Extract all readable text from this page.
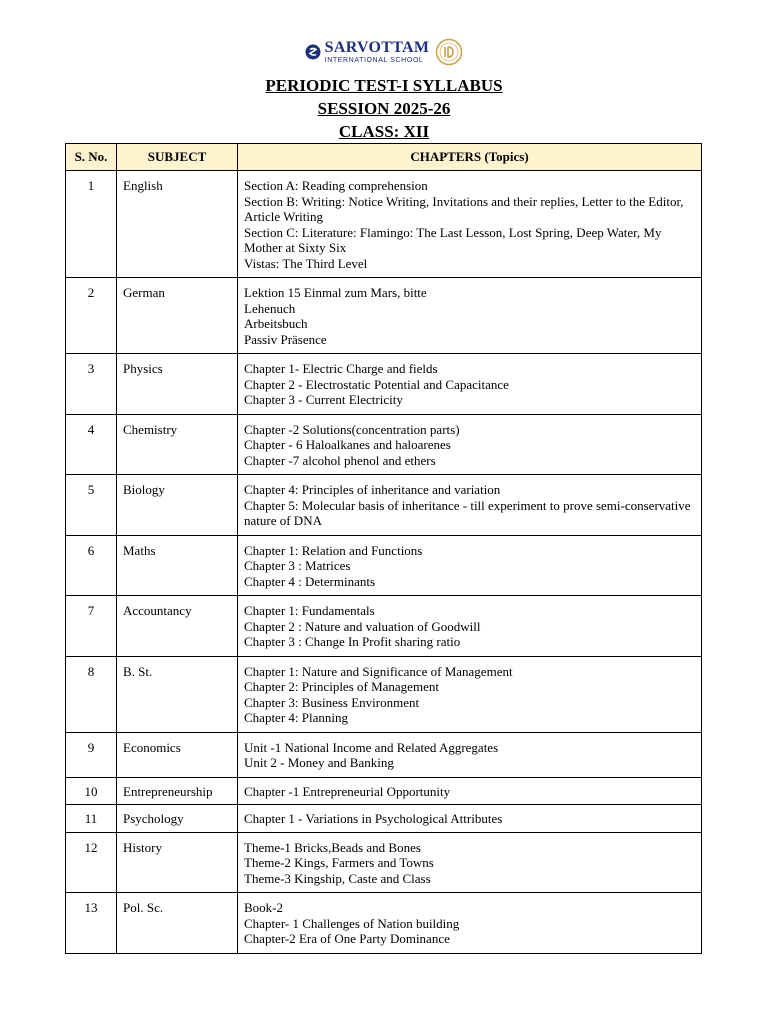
SARVOTTAM
INTERNATIONAL SCHOOL
PERIODIC TEST-I SYLLABUS
SESSION 2025-26
CLASS: XII
S. No.	SUBJECT	CHAPTERS (Topics)
1	English	Section A: Reading comprehension
Section B: Writing: Notice Writing, Invitations and their replies, Letter to the Editor, Article Writing
Section C: Literature: Flamingo: The Last Lesson, Lost Spring, Deep Water, My Mother at Sixty Six
Vistas: The Third Level

2	German	Lektion 15 Einmal zum Mars, bitte
Lehenuch
Arbeitsbuch
Passiv Präsence

3	Physics	Chapter 1- Electric Charge and fields
Chapter 2 - Electrostatic Potential and Capacitance
Chapter 3 - Current Electricity

4	Chemistry	Chapter -2 Solutions(concentration parts)
Chapter - 6 Haloalkanes and haloarenes
Chapter -7 alcohol phenol and ethers

5	Biology	Chapter 4: Principles of inheritance and variation
Chapter 5: Molecular basis of inheritance - till experiment to prove semi-conservative nature of DNA

6	Maths	Chapter 1: Relation and Functions
Chapter 3 : Matrices
Chapter 4 : Determinants

7	Accountancy	Chapter 1: Fundamentals
Chapter 2 : Nature and valuation of Goodwill
Chapter 3 : Change In Profit sharing ratio

8	B. St.	Chapter 1: Nature and Significance of Management
Chapter 2: Principles of Management
Chapter 3: Business Environment
Chapter 4: Planning

9	Economics	Unit -1 National Income and Related Aggregates
Unit 2 - Money and Banking

10	Entrepreneurship	Chapter -1 Entrepreneurial Opportunity

11	Psychology	Chapter 1 - Variations in Psychological Attributes

12	History	Theme-1 Bricks,Beads and Bones
Theme-2 Kings, Farmers and Towns
Theme-3 Kingship, Caste and Class

13	Pol. Sc.	Book-2
Chapter- 1 Challenges of Nation building
Chapter-2 Era of One Party Dominance
